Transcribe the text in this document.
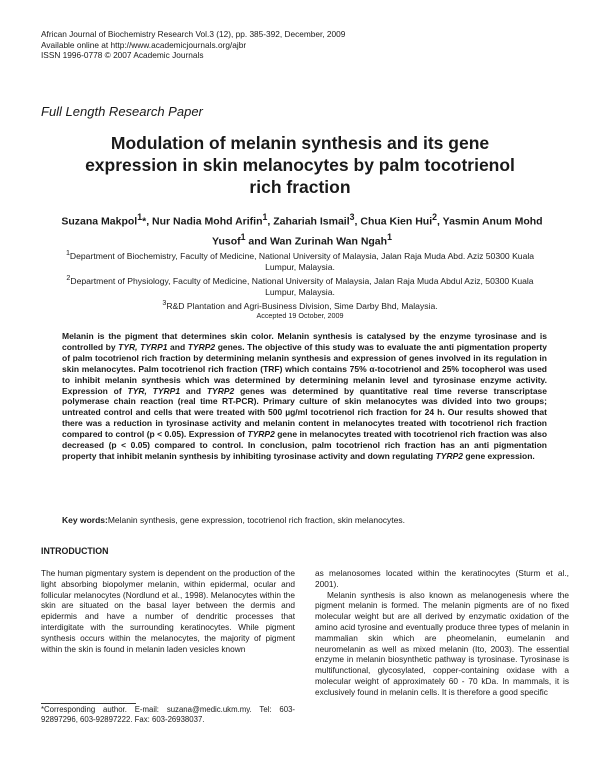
African Journal of Biochemistry Research Vol.3 (12), pp. 385-392, December, 2009
Available online at http://www.academicjournals.org/ajbr
ISSN 1996-0778 © 2007 Academic Journals
Full Length Research Paper
Modulation of melanin synthesis and its gene
expression in skin melanocytes by palm tocotrienol
rich fraction
Suzana Makpol$^1$*, Nur Nadia Mohd Arifin$^1$, Zahariah Ismail$^3$, Chua Kien Hui$^2$, Yasmin Anum Mohd Yusof$^1$ and Wan Zurinah Wan Ngah$^1$
$^1$Department of Biochemistry, Faculty of Medicine, National University of Malaysia, Jalan Raja Muda Abd. Aziz 50300 Kuala Lumpur, Malaysia.
$^2$Department of Physiology, Faculty of Medicine, National University of Malaysia, Jalan Raja Muda Abdul Aziz, 50300 Kuala Lumpur, Malaysia.
$^3$R&D Plantation and Agri-Business Division, Sime Darby Bhd, Malaysia.
Accepted 19 October, 2009
Melanin is the pigment that determines skin color. Melanin synthesis is catalysed by the enzyme tyrosinase and is controlled by TYR, TYRP1 and TYRP2 genes. The objective of this study was to evaluate the anti pigmentation property of palm tocotrienol rich fraction by determining melanin synthesis and expression of genes involved in its regulation in skin melanocytes. Palm tocotrienol rich fraction (TRF) which contains 75% α-tocotrienol and 25% tocopherol was used to inhibit melanin synthesis which was determined by determining melanin level and tyrosinase enzyme activity. Expression of TYR, TYRP1 and TYRP2 genes was determined by quantitative real time reverse transcriptase polymerase chain reaction (real time RT-PCR). Primary culture of skin melanocytes was divided into two groups; untreated control and cells that were treated with 500 µg/ml tocotrienol rich fraction for 24 h. Our results showed that there was a reduction in tyrosinase activity and melanin content in melanocytes treated with tocotrienol rich fraction compared to control (p < 0.05). Expression of TYRP2 gene in melanocytes treated with tocotrienol rich fraction was also decreased (p < 0.05) compared to control. In conclusion, palm tocotrienol rich fraction has an anti pigmentation property that inhibit melanin synthesis by inhibiting tyrosinase activity and down regulating TYRP2 gene expression.
Key words:Melanin synthesis, gene expression, tocotrienol rich fraction, skin melanocytes.
INTRODUCTION

The human pigmentary system is dependent on the production of the light absorbing biopolymer melanin, within epidermal, ocular and follicular melanocytes (Nordlund et al., 1998). Melanocytes within the skin are situated on the basal layer between the dermis and epidermis and have a number of dendritic processes that interdigitate with the surrounding keratinocytes. While pigment synthesis occurs within the melanocytes, the majority of pigment within the skin is found in melanin laden vesicles known

as melanosomes located within the keratinocytes (Sturm et al., 2001).

Melanin synthesis is also known as melanogenesis where the pigment melanin is formed. The melanin pigments are of no fixed molecular weight but are all derived by enzymatic oxidation of the amino acid tyrosine and eventually produce three types of melanin in mammalian skin which are pheomelanin, eumelanin and neuromelanin as well as mixed melanin (Ito, 2003). The essential enzyme in melanin biosynthetic pathway is tyrosinase. Tyrosinase is multifunctional, glycosylated, copper-containing oxidase with a molecular weight of approximately 60 - 70 kDa. In mammals, it is exclusively found in melanin cells. It is therefore a good specific

*Corresponding author. E-mail: suzana@medic.ukm.my. Tel: 603-92897296, 603-92897222. Fax: 603-26938037.
